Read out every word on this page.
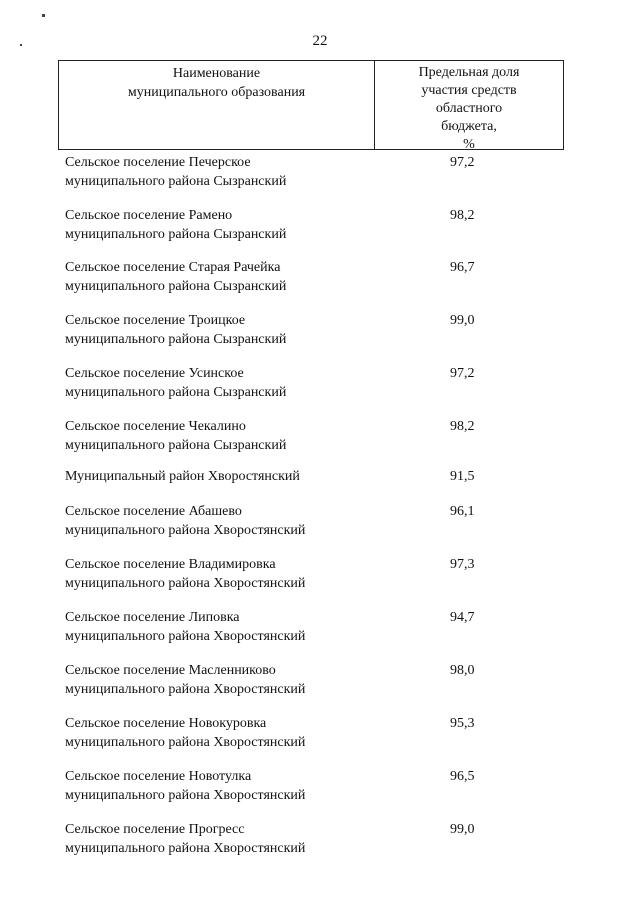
22
Наименование
муниципального образования
Предельная доля
участия средств
областного
бюджета,
%
Сельское поселение Печерское
муниципального района Сызранский
97,2
Сельское поселение Рамено
муниципального района Сызранский
98,2
Сельское поселение Старая Рачейка
муниципального района Сызранский
96,7
Сельское поселение Троицкое
муниципального района Сызранский
99,0
Сельское поселение Усинское
муниципального района Сызранский
97,2
Сельское поселение Чекалино
муниципального района Сызранский
98,2
Муниципальный район Хворостянский	91,5
Сельское поселение Абашево
муниципального района Хворостянский
96,1
Сельское поселение Владимировка
муниципального района Хворостянский
97,3
Сельское поселение Липовка
муниципального района Хворостянский
94,7
Сельское поселение Масленниково
муниципального района Хворостянский
98,0
Сельское поселение Новокуровка
муниципального района Хворостянский
95,3
Сельское поселение Новотулка
муниципального района Хворостянский
96,5
Сельское поселение Прогресс
муниципального района Хворостянский
99,0
